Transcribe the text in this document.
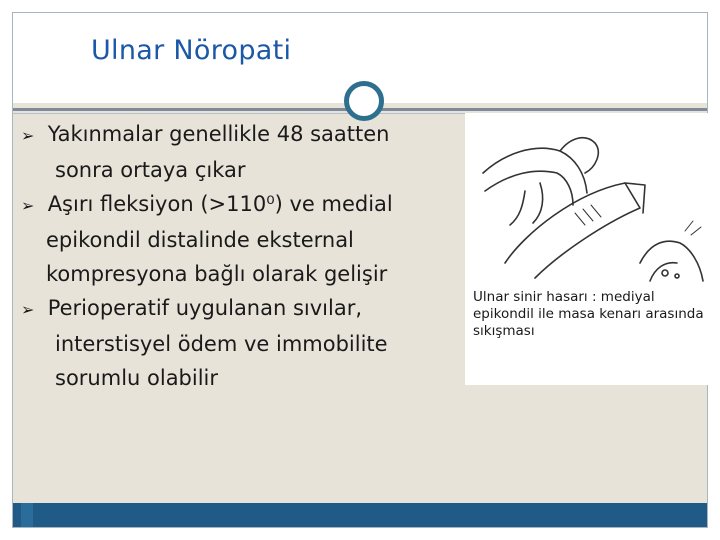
Ulnar Nöropati
➢ Yakınmalar genellikle 48 saatten
sonra ortaya çıkar
➢ Aşırı fleksiyon (>110⁰) ve medial
epikondil distalinde eksternal
kompresyona bağlı olarak gelişir
➢ Perioperatif uygulanan sıvılar,
interstisyel ödem ve immobilite
sorumlu olabilir
Ulnar sinir hasarı : mediyal epikondil ile masa kenarı arasında sıkışması
